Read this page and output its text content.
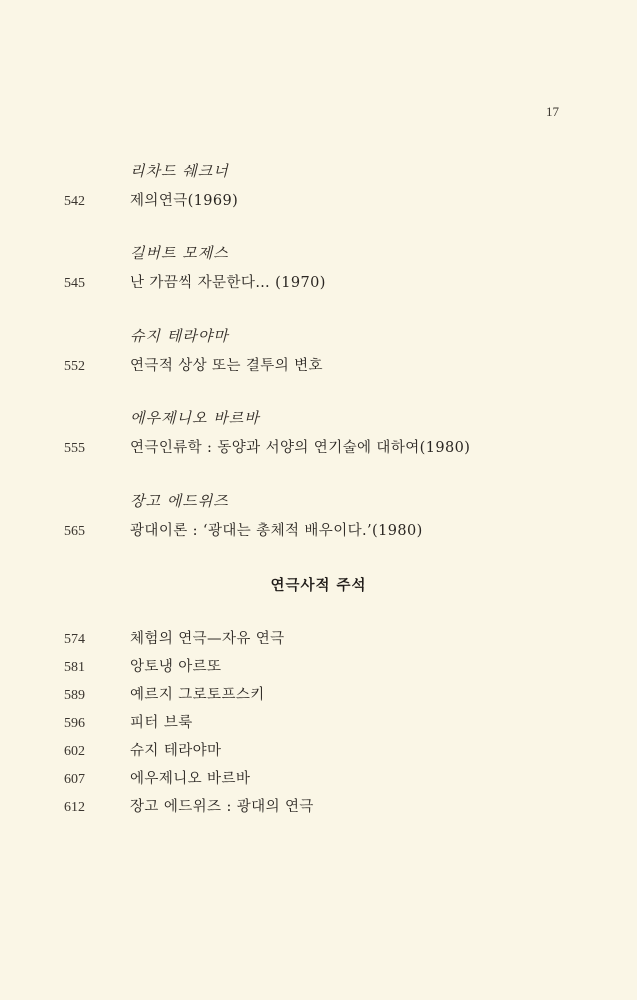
17
리차드 쉐크너
542	제의연극(1969)
길버트 모제스
545	난 가끔씩 자문한다… (1970)
슈지 테라야마
552	연극적 상상 또는 결투의 변호
에우제니오 바르바
555	연극인류학 : 동양과 서양의 연기술에 대하여(1980)
장고 에드위즈
565	광대이론 : ‘광대는 총체적 배우이다.’(1980)
연극사적 주석
574	체험의 연극—자유 연극
581	앙토냉 아르또
589	예르지 그로토프스키
596	피터 브룩
602	슈지 테라야마
607	에우제니오 바르바
612	장고 에드위즈 : 광대의 연극
